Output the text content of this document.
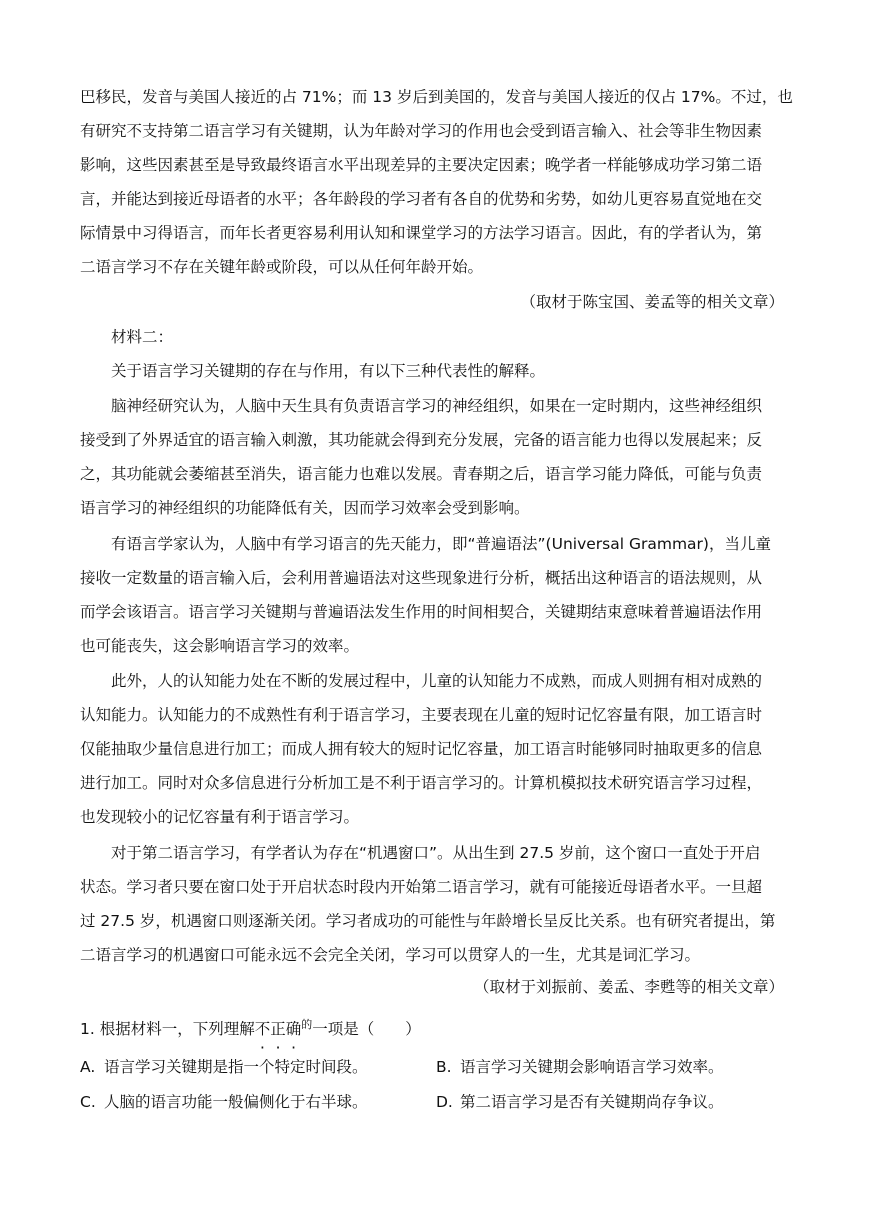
巴移民，发音与美国人接近的占 71%；而 13 岁后到美国的，发音与美国人接近的仅占 17%。不过，也
有研究不支持第二语言学习有关键期，认为年龄对学习的作用也会受到语言输入、社会等非生物因素
影响，这些因素甚至是导致最终语言水平出现差异的主要决定因素；晚学者一样能够成功学习第二语
言，并能达到接近母语者的水平；各年龄段的学习者有各自的优势和劣势，如幼儿更容易直觉地在交
际情景中习得语言，而年长者更容易利用认知和课堂学习的方法学习语言。因此，有的学者认为，第
二语言学习不存在关键年龄或阶段，可以从任何年龄开始。
（取材于陈宝国、姜孟等的相关文章）
材料二：
关于语言学习关键期的存在与作用，有以下三种代表性的解释。
脑神经研究认为，人脑中天生具有负责语言学习的神经组织，如果在一定时期内，这些神经组织
接受到了外界适宜的语言输入刺激，其功能就会得到充分发展，完备的语言能力也得以发展起来；反
之，其功能就会萎缩甚至消失，语言能力也难以发展。青春期之后，语言学习能力降低，可能与负责
语言学习的神经组织的功能降低有关，因而学习效率会受到影响。
有语言学家认为，人脑中有学习语言的先天能力，即“普遍语法”(Universal Grammar)，当儿童
接收一定数量的语言输入后，会利用普遍语法对这些现象进行分析，概括出这种语言的语法规则，从
而学会该语言。语言学习关键期与普遍语法发生作用的时间相契合，关键期结束意味着普遍语法作用
也可能丧失，这会影响语言学习的效率。
此外，人的认知能力处在不断的发展过程中，儿童的认知能力不成熟，而成人则拥有相对成熟的
认知能力。认知能力的不成熟性有利于语言学习，主要表现在儿童的短时记忆容量有限，加工语言时
仅能抽取少量信息进行加工；而成人拥有较大的短时记忆容量，加工语言时能够同时抽取更多的信息
进行加工。同时对众多信息进行分析加工是不利于语言学习的。计算机模拟技术研究语言学习过程，
也发现较小的记忆容量有利于语言学习。
对于第二语言学习，有学者认为存在“机遇窗口”。从出生到 27.5 岁前，这个窗口一直处于开启
状态。学习者只要在窗口处于开启状态时段内开始第二语言学习，就有可能接近母语者水平。一旦超
过 27.5 岁，机遇窗口则逐渐关闭。学习者成功的可能性与年龄增长呈反比关系。也有研究者提出，第
二语言学习的机遇窗口可能永远不会完全关闭，学习可以贯穿人的一生，尤其是词汇学习。
（取材于刘振前、姜孟、李甦等的相关文章）
1. 根据材料一，下列理解不正确$^的$一项是（　　）
A. 语言学习关键期是指一个特定时间段。	B. 语言学习关键期会影响语言学习效率。
C. 人脑的语言功能一般偏侧化于右半球。	D. 第二语言学习是否有关键期尚存争议。
